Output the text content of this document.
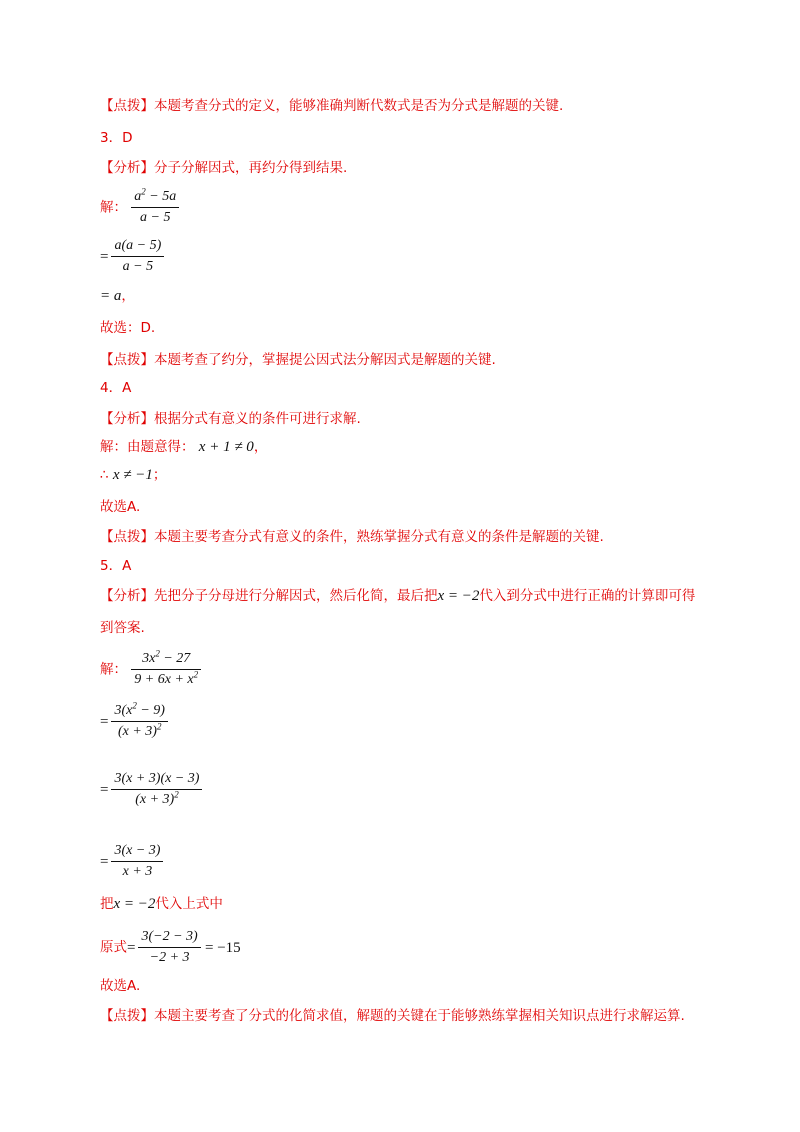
【点拨】本题考查分式的定义，能够准确判断代数式是否为分式是解题的关键.
3．D
【分析】分子分解因式，再约分得到结果.
解： $\frac{a^2 - 5a}{a - 5}$
= $\frac{a(a - 5)}{a - 5}$
= a，
故选：D.
【点拨】本题考查了约分，掌握提公因式法分解因式是解题的关键.
4．A
【分析】根据分式有意义的条件可进行求解.
解：由题意得： x + 1 ≠ 0，
∴ x ≠ −1；
故选A.
【点拨】本题主要考查分式有意义的条件，熟练掌握分式有意义的条件是解题的关键.
5．A
【分析】先把分子分母进行分解因式，然后化简，最后把x = −2代入到分式中进行正确的计算即可得
到答案.
解： $\frac{3x^2 - 27}{9 + 6x + x^2}$
= $\frac{3(x^2 - 9)}{(x + 3)^2}$
= $\frac{3(x + 3)(x - 3)}{(x + 3)^2}$
= $\frac{3(x - 3)}{x + 3}$
把x = −2代入上式中
原式= $\frac{3(-2 - 3)}{-2 + 3} = -15$
故选A.
【点拨】本题主要考查了分式的化简求值，解题的关键在于能够熟练掌握相关知识点进行求解运算.
